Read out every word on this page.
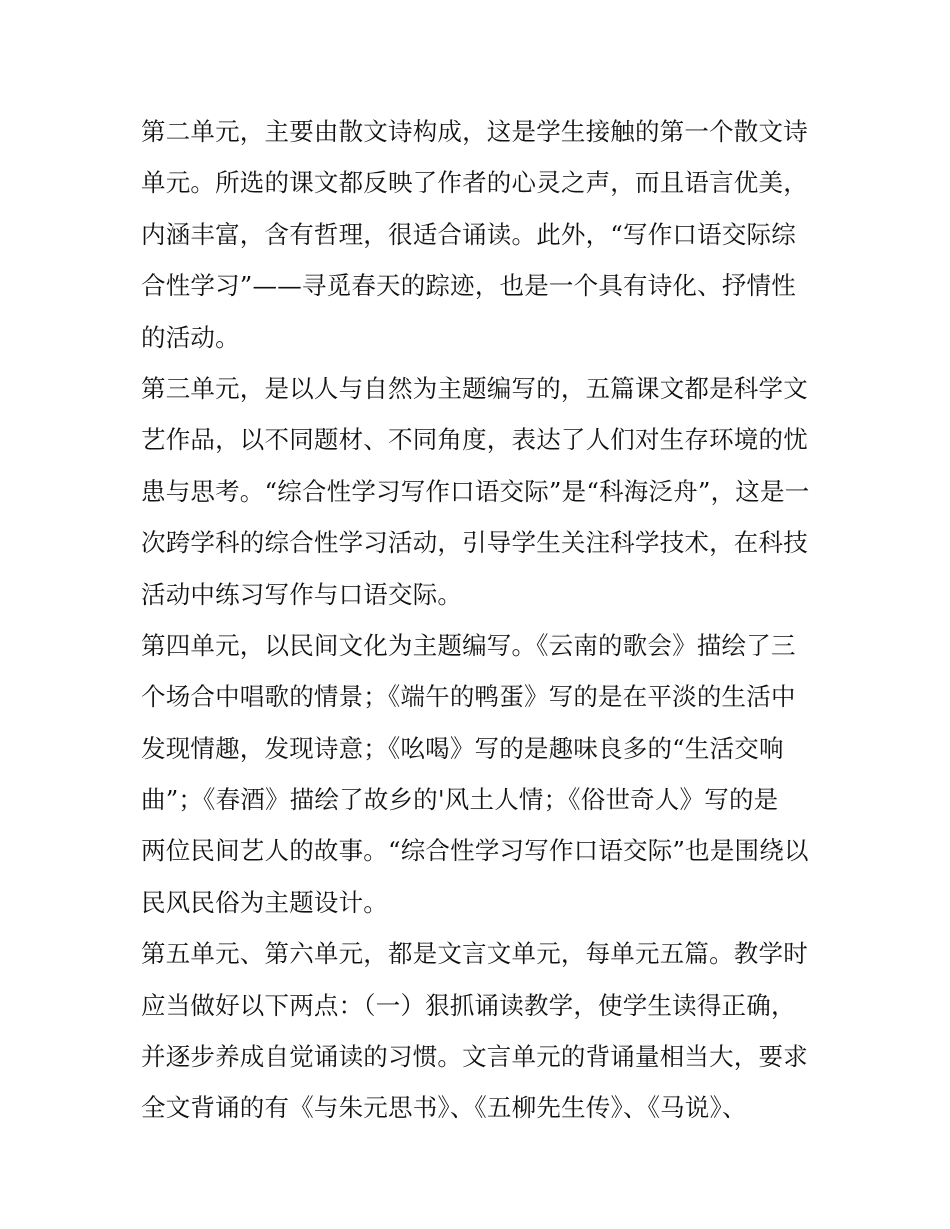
第二单元，主要由散文诗构成，这是学生接触的第一个散文诗
单元。所选的课文都反映了作者的心灵之声，而且语言优美，
内涵丰富，含有哲理，很适合诵读。此外，“写作口语交际综
合性学习”——寻觅春天的踪迹，也是一个具有诗化、抒情性
的活动。
第三单元，是以人与自然为主题编写的，五篇课文都是科学文
艺作品，以不同题材、不同角度，表达了人们对生存环境的忧
患与思考。“综合性学习写作口语交际”是“科海泛舟”，这是一
次跨学科的综合性学习活动，引导学生关注科学技术，在科技
活动中练习写作与口语交际。
第四单元，以民间文化为主题编写。《云南的歌会》描绘了三
个场合中唱歌的情景；《端午的鸭蛋》写的是在平淡的生活中
发现情趣，发现诗意；《吆喝》写的是趣味良多的“生活交响
曲”；《春酒》描绘了故乡的'风土人情；《俗世奇人》写的是
两位民间艺人的故事。“综合性学习写作口语交际”也是围绕以
民风民俗为主题设计。
第五单元、第六单元，都是文言文单元，每单元五篇。教学时
应当做好以下两点：（一）狠抓诵读教学，使学生读得正确，
并逐步养成自觉诵读的习惯。文言单元的背诵量相当大，要求
全文背诵的有《与朱元思书》、《五柳先生传》、《马说》、
